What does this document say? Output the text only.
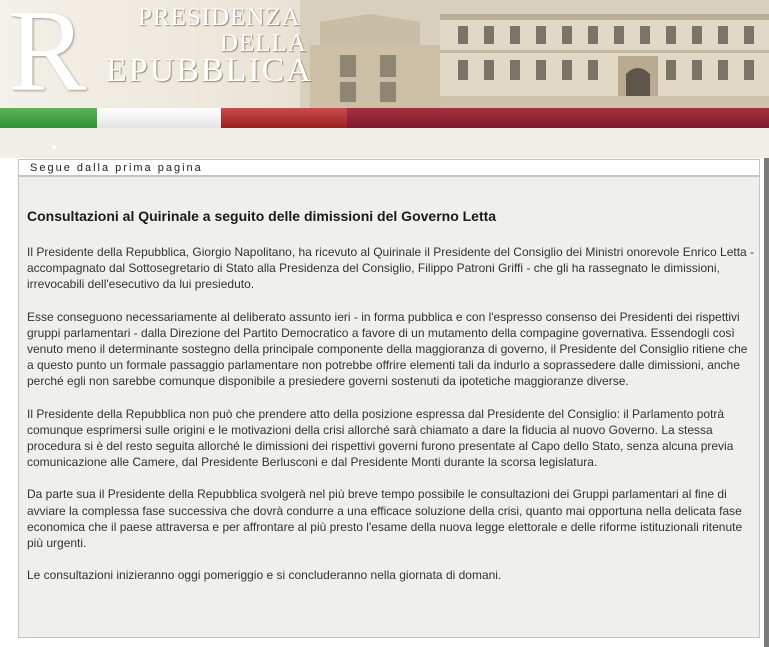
R PRESIDENZA
DELLA
EPUBBLICA
Segue dalla prima pagina
Consultazioni al Quirinale a seguito delle dimissioni del Governo Letta

Il Presidente della Repubblica, Giorgio Napolitano, ha ricevuto al Quirinale il Presidente del Consiglio dei Ministri onorevole Enrico Letta - accompagnato dal Sottosegretario di Stato alla Presidenza del Consiglio, Filippo Patroni Griffi - che gli ha rassegnato le dimissioni, irrevocabili dell'esecutivo da lui presieduto.

Esse conseguono necessariamente al deliberato assunto ieri - in forma pubblica e con l'espresso consenso dei Presidenti dei rispettivi gruppi parlamentari - dalla Direzione del Partito Democratico a favore di un mutamento della compagine governativa. Essendogli così venuto meno il determinante sostegno della principale componente della maggioranza di governo, il Presidente del Consiglio ritiene che a questo punto un formale passaggio parlamentare non potrebbe offrire elementi tali da indurlo a soprassedere dalle dimissioni, anche perché egli non sarebbe comunque disponibile a presiedere governi sostenuti da ipotetiche maggioranze diverse.

Il Presidente della Repubblica non può che prendere atto della posizione espressa dal Presidente del Consiglio: il Parlamento potrà comunque esprimersi sulle origini e le motivazioni della crisi allorché sarà chiamato a dare la fiducia al nuovo Governo. La stessa procedura si è del resto seguita allorché le dimissioni dei rispettivi governi furono presentate al Capo dello Stato, senza alcuna previa comunicazione alle Camere, dal Presidente Berlusconi e dal Presidente Monti durante la scorsa legislatura.

Da parte sua il Presidente della Repubblica svolgerà nel più breve tempo possibile le consultazioni dei Gruppi parlamentari al fine di avviare la complessa fase successiva che dovrà condurre a una efficace soluzione della crisi, quanto mai opportuna nella delicata fase economica che il paese attraversa e per affrontare al più presto l'esame della nuova legge elettorale e delle riforme istituzionali ritenute più urgenti.

Le consultazioni inizieranno oggi pomeriggio e si concluderanno nella giornata di domani.
